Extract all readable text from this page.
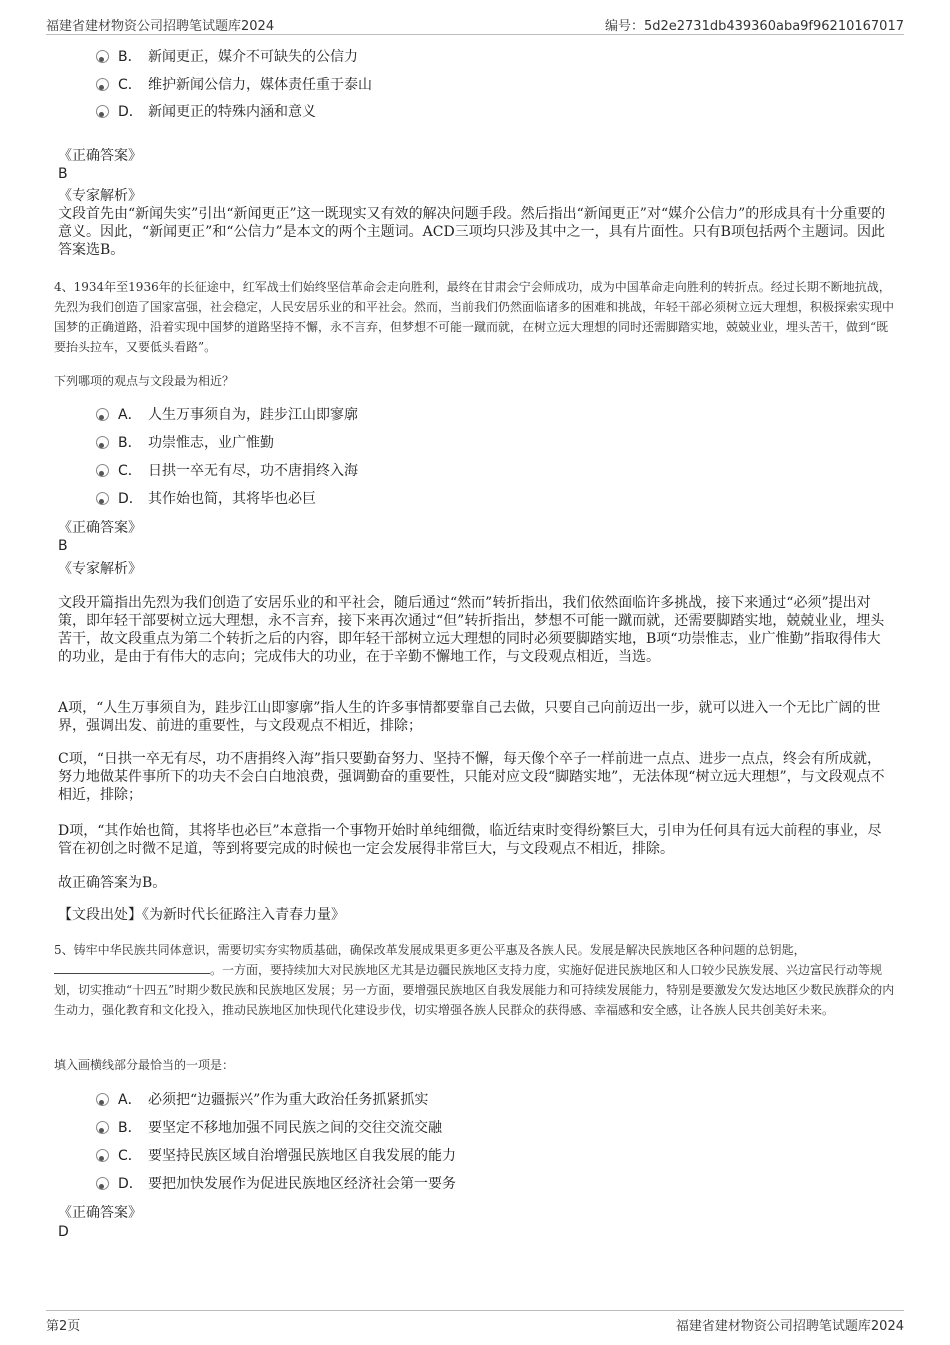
福建省建材物资公司招聘笔试题库2024	编号：5d2e2731db439360aba9f96210167017
B． 新闻更正，媒介不可缺失的公信力
C． 维护新闻公信力，媒体责任重于泰山
D． 新闻更正的特殊内涵和意义
《正确答案》
B
《专家解析》
文段首先由“新闻失实”引出“新闻更正”这一既现实又有效的解决问题手段。然后指出“新闻更正”对“媒介公信力”的形成具有十分重要的意义。因此，“新闻更正”和“公信力”是本文的两个主题词。ACD三项均只涉及其中之一，具有片面性。只有B项包括两个主题词。因此答案选B。
4、1934年至1936年的长征途中，红军战士们始终坚信革命会走向胜利，最终在甘肃会宁会师成功，成为中国革命走向胜利的转折点。经过长期不断地抗战，先烈为我们创造了国家富强，社会稳定，人民安居乐业的和平社会。然而，当前我们仍然面临诸多的困难和挑战，年轻干部必须树立远大理想，积极探索实现中国梦的正确道路，沿着实现中国梦的道路坚持不懈，永不言弃，但梦想不可能一蹴而就，在树立远大理想的同时还需脚踏实地，兢兢业业，埋头苦干，做到“既要抬头拉车，又要低头看路”。
下列哪项的观点与文段最为相近？
A． 人生万事须自为，跬步江山即寥廓
B． 功崇惟志，业广惟勤
C． 日拱一卒无有尽，功不唐捐终入海
D． 其作始也简，其将毕也必巨
《正确答案》
B
《专家解析》
文段开篇指出先烈为我们创造了安居乐业的和平社会，随后通过“然而”转折指出，我们依然面临许多挑战，接下来通过“必须”提出对策，即年轻干部要树立远大理想，永不言弃，接下来再次通过“但”转折指出，梦想不可能一蹴而就，还需要脚踏实地，兢兢业业，埋头苦干，故文段重点为第二个转折之后的内容，即年轻干部树立远大理想的同时必须要脚踏实地，B项“功崇惟志，业广惟勤”指取得伟大的功业，是由于有伟大的志向；完成伟大的功业，在于辛勤不懈地工作，与文段观点相近，当选。
A项，“人生万事须自为，跬步江山即寥廓”指人生的许多事情都要靠自己去做，只要自己向前迈出一步，就可以进入一个无比广阔的世界，强调出发、前进的重要性，与文段观点不相近，排除；
C项，“日拱一卒无有尽，功不唐捐终入海”指只要勤奋努力、坚持不懈，每天像个卒子一样前进一点点、进步一点点，终会有所成就，努力地做某件事所下的功夫不会白白地浪费，强调勤奋的重要性，只能对应文段“脚踏实地”，无法体现“树立远大理想”，与文段观点不相近，排除；
D项，“其作始也简，其将毕也必巨”本意指一个事物开始时单纯细微，临近结束时变得纷繁巨大，引申为任何具有远大前程的事业，尽管在初创之时微不足道，等到将要完成的时候也一定会发展得非常巨大，与文段观点不相近，排除。
故正确答案为B。
【文段出处】《为新时代长征路注入青春力量》
5、铸牢中华民族共同体意识，需要切实夯实物质基础，确保改革发展成果更多更公平惠及各族人民。发展是解决民族地区各种问题的总钥匙，。一方面，要持续加大对民族地区尤其是边疆民族地区支持力度，实施好促进民族地区和人口较少民族发展、兴边富民行动等规划，切实推动“十四五”时期少数民族和民族地区发展；另一方面，要增强民族地区自我发展能力和可持续发展能力，特别是要激发欠发达地区少数民族群众的内生动力，强化教育和文化投入，推动民族地区加快现代化建设步伐，切实增强各族人民群众的获得感、幸福感和安全感，让各族人民共创美好未来。
填入画横线部分最恰当的一项是：
A． 必须把“边疆振兴”作为重大政治任务抓紧抓实
B． 要坚定不移地加强不同民族之间的交往交流交融
C． 要坚持民族区域自治增强民族地区自我发展的能力
D． 要把加快发展作为促进民族地区经济社会第一要务
《正确答案》
D
第2页	福建省建材物资公司招聘笔试题库2024
